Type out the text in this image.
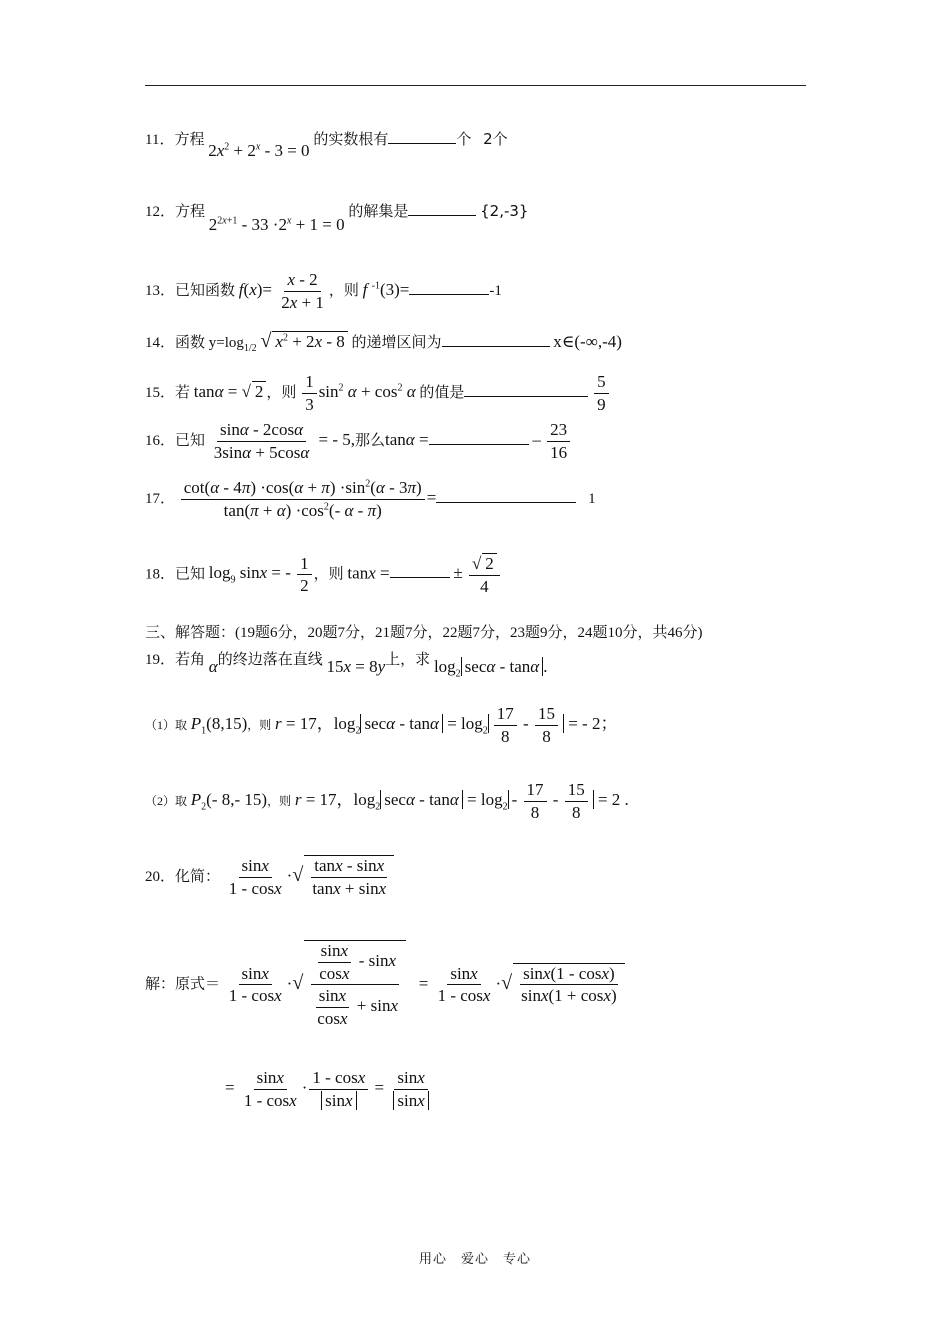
11．方程 $2x^2 + 2^x - 3 = 0$ 的实数根有	个 2个
12．方程 $2^{2x+1} - 33 \cdot 2^x + 1 = 0$ 的解集是	{2,-3}
13．已知函数 $f(x)= \frac{x - 2}{2x + 1}$ ，则 f $^{-1}$(3)=	-1
14．函数 $y=\log_{1/2}$ √ $x^2 + 2x - 8$ 的递增区间为	x∈(-∞,-4)
15．若 tanα = √ 2 ，则 $\frac{1}{3} \sin^2 \alpha + \cos^2 \alpha$ 的值是	$\frac{5}{9}$
16．已知 $\frac{\sin\alpha - 2\cos\alpha}{3\sin\alpha + 5\cos\alpha}$ = - 5,那么tanα =	– $\frac{23}{16}$
17． $\frac{\cot(\alpha - 4\pi) \cdot\cos(\alpha + \pi) \cdot\sin^2(\alpha - 3\pi)}{\tan(\pi + \alpha) \cdot\cos^2(- \alpha - \pi)}$ =	1
18．已知 $\log_9 \sin x$ = - $\frac{1}{2}$ ，则 tanx =	± $\frac{√ 2}{4}$
三、解答题：(19题6分，20题7分，21题7分，22题7分，23题9分，24题10分，共46分)
19．若角 α的终边落在直线 15x = 8y上，求 $\log_2 \sec\alpha$ - tanα .
（1）取 $P_1(8,15)$，则 r = 17，$\log_2 \sec\alpha - \tan\alpha = \log_2 \frac{17}{8} - \frac{15}{8}$ = - 2；
（2）取 $P_2(-$ 8,- 15)，则 r = 17，$\log_2 \sec\alpha - \tan\alpha = \log_2 - \frac{17}{8} - \frac{15}{8} = 2$ .
20．化简： $\frac{\sin x}{1 - \cos x}$ ·√ $\frac{\tan x - \sin x}{\tan x + \sin x}$
解：原式＝ $\frac{\sin x}{1 - \cos x}$ ·√ $\frac{\frac{\sin x}{\cos x} - \sin x}{\frac{\sin x}{\cos x} + \sin x} = \frac{\sin x}{1 - \cos x}$ ·√ $\frac{\sin x(1 - \cos x)}{\sin x(1 + \cos x)}$
= $\frac{\sin x}{1 - \cos x} \cdot \frac{1 - \cos x}{\sin x} = \frac{\sin x}{\sin x}$
用心　爱心　专心
